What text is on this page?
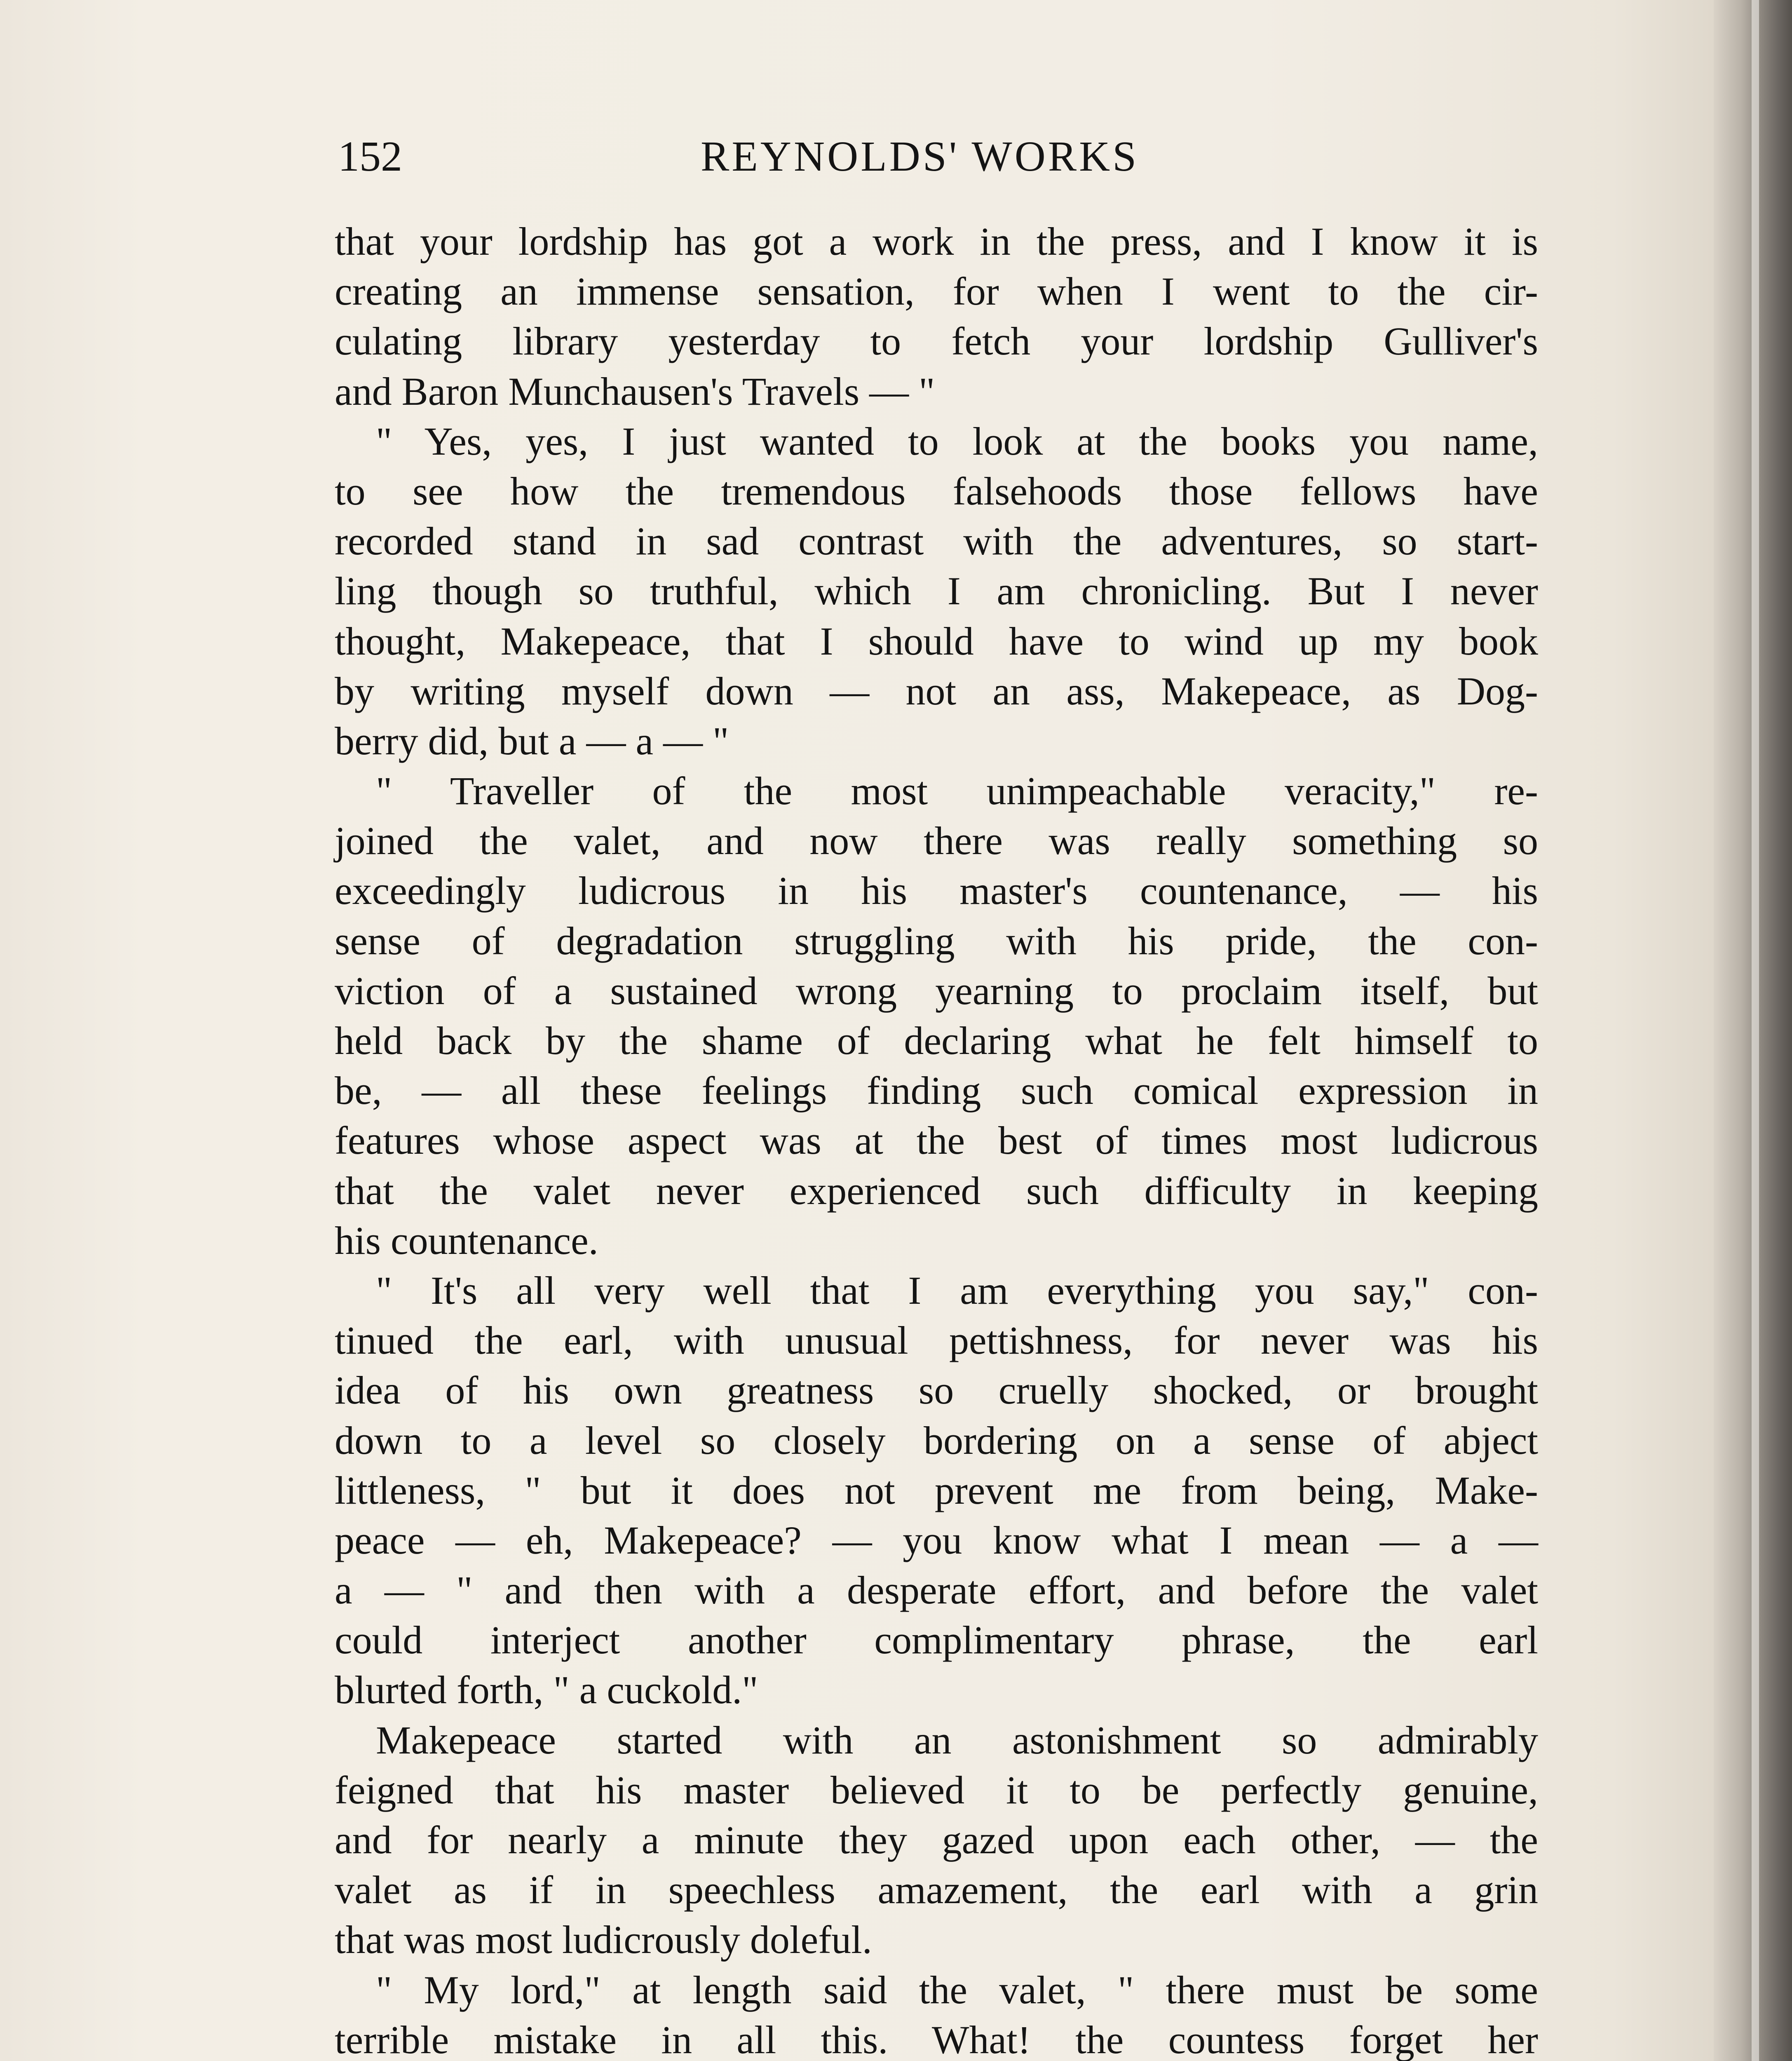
152	REYNOLDS' WORKS
that your lordship has got a work in the press, and I know it is
creating an immense sensation, for when I went to the cir-
culating library yesterday to fetch your lordship Gulliver's
and Baron Munchausen's Travels — "
" Yes, yes, I just wanted to look at the books you name,
to see how the tremendous falsehoods those fellows have
recorded stand in sad contrast with the adventures, so start-
ling though so truthful, which I am chronicling. But I never
thought, Makepeace, that I should have to wind up my book
by writing myself down — not an ass, Makepeace, as Dog-
berry did, but a — a — "
" Traveller of the most unimpeachable veracity," re-
joined the valet, and now there was really something so
exceedingly ludicrous in his master's countenance, — his
sense of degradation struggling with his pride, the con-
viction of a sustained wrong yearning to proclaim itself, but
held back by the shame of declaring what he felt himself to
be, — all these feelings finding such comical expression in
features whose aspect was at the best of times most ludicrous
that the valet never experienced such difficulty in keeping
his countenance.
" It's all very well that I am everything you say," con-
tinued the earl, with unusual pettishness, for never was his
idea of his own greatness so cruelly shocked, or brought
down to a level so closely bordering on a sense of abject
littleness, " but it does not prevent me from being, Make-
peace — eh, Makepeace? — you know what I mean — a —
a — " and then with a desperate effort, and before the valet
could interject another complimentary phrase, the earl
blurted forth, " a cuckold."
Makepeace started with an astonishment so admirably
feigned that his master believed it to be perfectly genuine,
and for nearly a minute they gazed upon each other, — the
valet as if in speechless amazement, the earl with a grin
that was most ludicrously doleful.
" My lord," at length said the valet, " there must be some
terrible mistake in all this. What! the countess forget her
